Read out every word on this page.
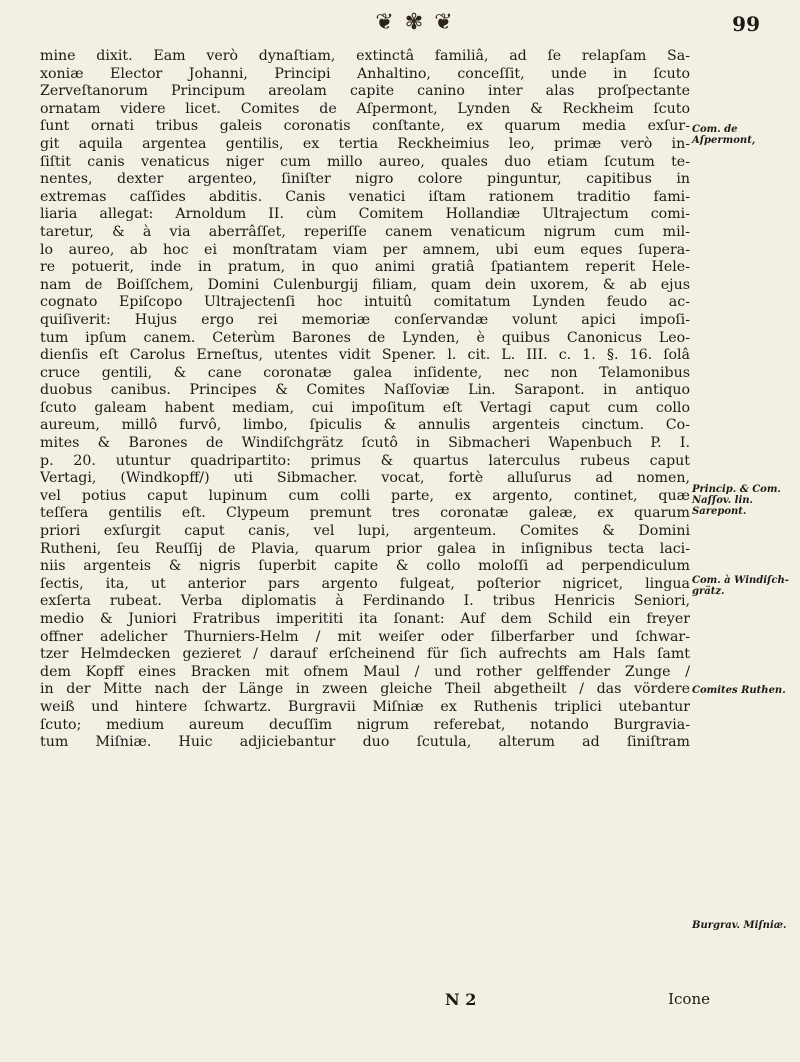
❦ ✾ ❦	99
mine dixit. Eam verò dynaſtiam, extinctâ familiâ, ad ſe relapſam Sa-
xoniæ Elector Johanni, Principi Anhaltino, conceſſit, unde in ſcuto
Zerveſtanorum Principum areolam capite canino inter alas proſpectante
ornatam videre licet. Comites de Aſpermont, Lynden & Reckheim ſcuto
ſunt ornati tribus galeis coronatis conſtante, ex quarum media exſur-
git aquila argentea gentilis, ex tertia Reckheimius leo, primæ verò in-
ſiſtit canis venaticus niger cum millo aureo, quales duo etiam ſcutum te-
nentes, dexter argenteo, ſiniſter nigro colore pinguntur, capitibus in
extremas caſſides abditis. Canis venatici iſtam rationem traditio fami-
liaria allegat: Arnoldum II. cùm Comitem Hollandiæ Ultrajectum comi-
taretur, & à via aberrâſſet, reperiſſe canem venaticum nigrum cum mil-
lo aureo, ab hoc ei monſtratam viam per amnem, ubi eum eques ſupera-
re potuerit, inde in pratum, in quo animi gratiâ ſpatiantem reperit Hele-
nam de Boiſſchem, Domini Culenburgij filiam, quam dein uxorem, & ab ejus
cognato Epiſcopo Ultrajectenſi hoc intuitû comitatum Lynden feudo ac-
quiſiverit: Hujus ergo rei memoriæ conſervandæ volunt apici impoſi-
tum ipſum canem. Ceterùm Barones de Lynden, è quibus Canonicus Leo-
dienſis eſt Carolus Erneſtus, utentes vidit Spener. l. cit. L. III. c. 1. §. 16. ſolâ
cruce gentili, & cane coronatæ galea inſidente, nec non Telamonibus
duobus canibus. Principes & Comites Naſſoviæ Lin. Sarapont. in antiquo
ſcuto galeam habent mediam, cui impoſitum eſt Vertagi caput cum collo
aureum, millô furvô, limbo, ſpiculis & annulis argenteis cinctum. Co-
mites & Barones de Windiſchgrätz ſcutô in Sibmacheri Wapenbuch P. I.
p. 20. utuntur quadripartito: primus & quartus laterculus rubeus caput
Vertagi, (Windkopff/) uti Sibmacher. vocat, fortè alluſurus ad nomen,
vel potius caput lupinum cum colli parte, ex argento, continet, quæ
teſſera gentilis eſt. Clypeum premunt tres coronatæ galeæ, ex quarum
priori exſurgit caput canis, vel lupi, argenteum. Comites & Domini
Rutheni, ſeu Reuſſij de Plavia, quarum prior galea in inſignibus tecta laci-
niis argenteis & nigris ſuperbit capite & collo moloſſi ad perpendiculum
ſectis, ita, ut anterior pars argento fulgeat, poſterior nigricet, lingua
exſerta rubeat. Verba diplomatis à Ferdinando I. tribus Henricis Seniori,
medio & Juniori Fratribus imperititi ita ſonant: Auf dem Schild ein freyer
offner adelicher Thurniers-Helm / mit weiſer oder ſilberfarber und ſchwar-
tzer Helmdecken gezieret / darauf erſcheinend für ſich aufrechts am Hals ſamt
dem Kopff eines Bracken mit ofnem Maul / und rother gelffender Zunge /
in der Mitte nach der Länge in zween gleiche Theil abgetheilt / das vördere
weiß und hintere ſchwartz. Burgravii Miſniæ ex Ruthenis triplici utebantur
ſcuto; medium aureum decuſſim nigrum referebat, notando Burgravia-
tum Miſniæ. Huic adjiciebantur duo ſcutula, alterum ad ſiniſtram
Com. de Aſpermont,
Princip. & Com. Naſſov. lin. Sarepont.
Com. à Windiſch-grätz.
Comites Ruthen.
Burgrav. Miſniæ.
N 2	Icone
